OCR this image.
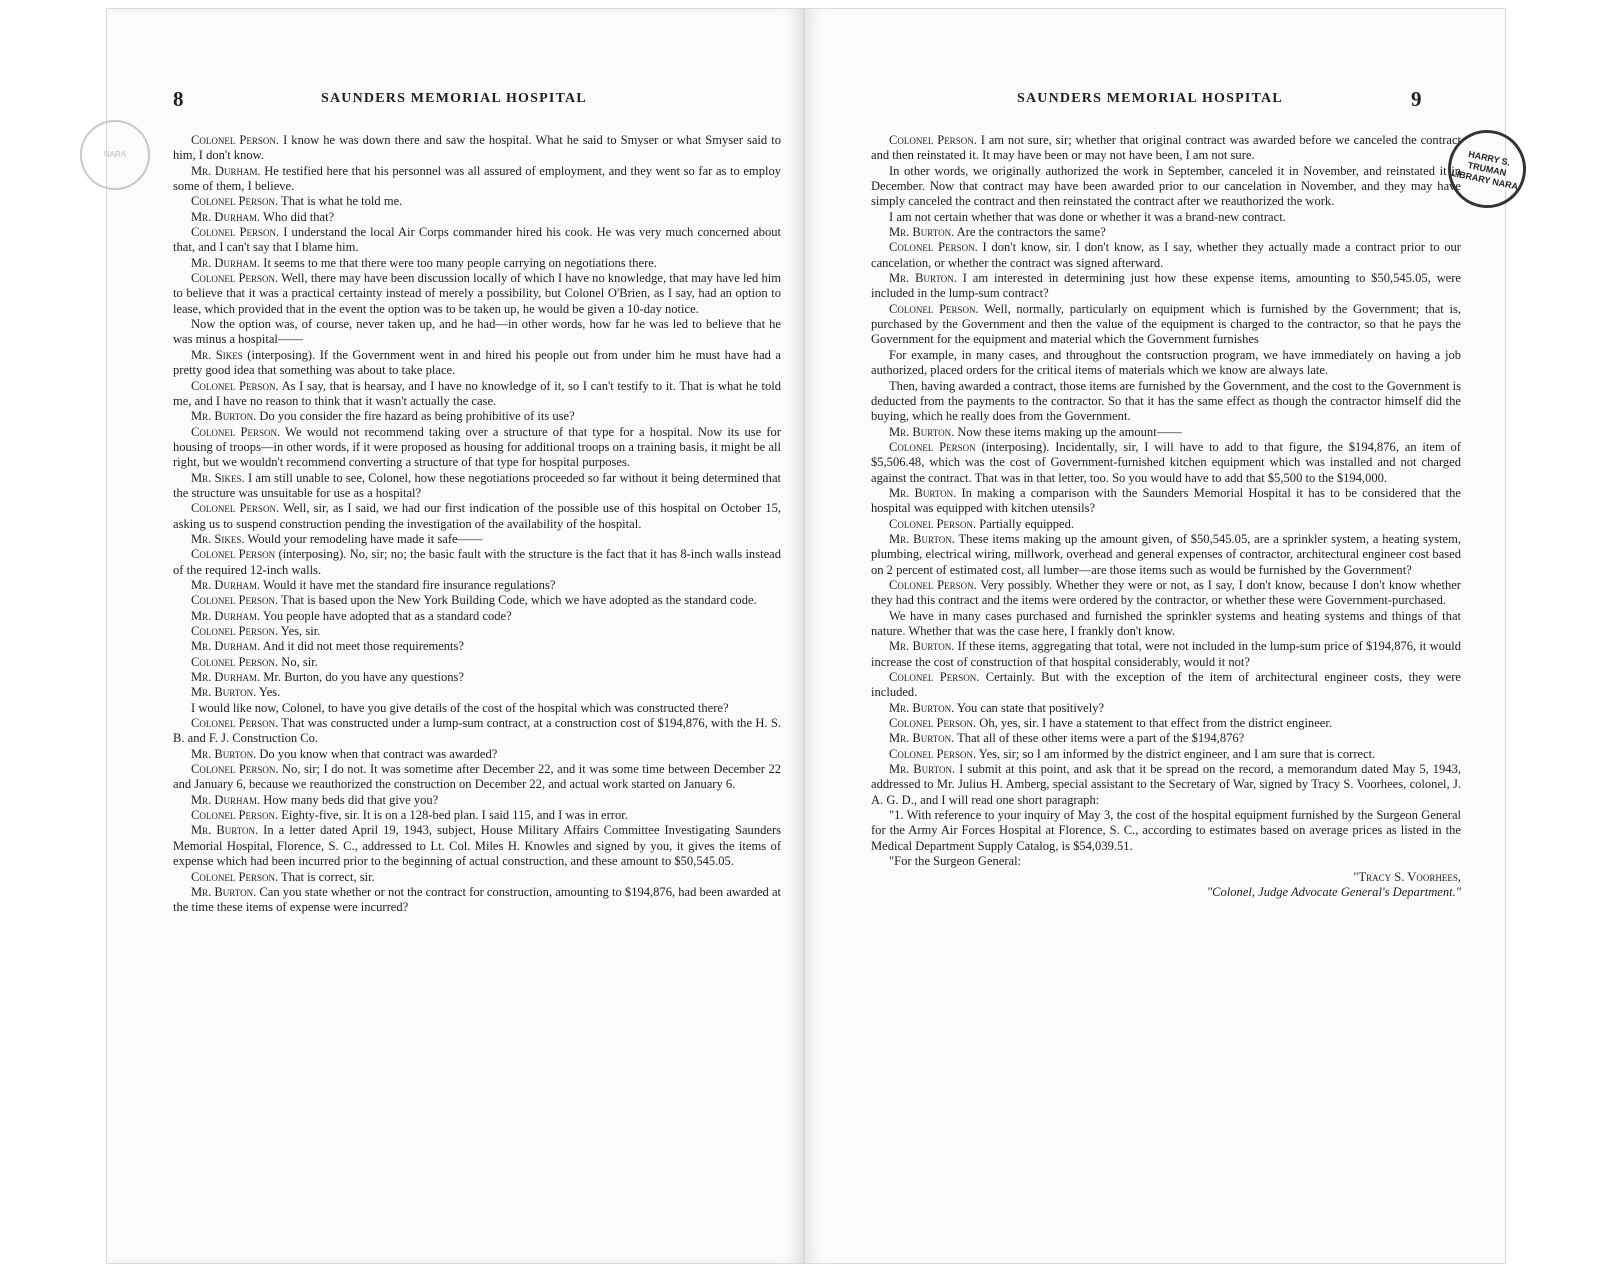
8	SAUNDERS MEMORIAL HOSPITAL

Colonel Person. I know he was down there and saw the hospital. What he said to Smyser or what Smyser said to him, I don't know.

Mr. Durham. He testified here that his personnel was all assured of employment, and they went so far as to employ some of them, I believe.

Colonel Person. That is what he told me.

Mr. Durham. Who did that?

Colonel Person. I understand the local Air Corps commander hired his cook. He was very much concerned about that, and I can't say that I blame him.

Mr. Durham. It seems to me that there were too many people carrying on negotiations there.

Colonel Person. Well, there may have been discussion locally of which I have no knowledge, that may have led him to believe that it was a practical certainty instead of merely a possibility, but Colonel O'Brien, as I say, had an option to lease, which provided that in the event the option was to be taken up, he would be given a 10-day notice.

Now the option was, of course, never taken up, and he had—in other words, how far he was led to believe that he was minus a hospital——

Mr. Sikes (interposing). If the Government went in and hired his people out from under him he must have had a pretty good idea that something was about to take place.

Colonel Person. As I say, that is hearsay, and I have no knowledge of it, so I can't testify to it. That is what he told me, and I have no reason to think that it wasn't actually the case.

Mr. Burton. Do you consider the fire hazard as being prohibitive of its use?

Colonel Person. We would not recommend taking over a structure of that type for a hospital. Now its use for housing of troops—in other words, if it were proposed as housing for additional troops on a training basis, it might be all right, but we wouldn't recommend converting a structure of that type for hospital purposes.

Mr. Sikes. I am still unable to see, Colonel, how these negotiations proceeded so far without it being determined that the structure was unsuitable for use as a hospital?

Colonel Person. Well, sir, as I said, we had our first indication of the possible use of this hospital on October 15, asking us to suspend construction pending the investigation of the availability of the hospital.

Mr. Sikes. Would your remodeling have made it safe——

Colonel Person (interposing). No, sir; no; the basic fault with the structure is the fact that it has 8-inch walls instead of the required 12-inch walls.

Mr. Durham. Would it have met the standard fire insurance regulations?

Colonel Person. That is based upon the New York Building Code, which we have adopted as the standard code.

Mr. Durham. You people have adopted that as a standard code?

Colonel Person. Yes, sir.

Mr. Durham. And it did not meet those requirements?

Colonel Person. No, sir.

Mr. Durham. Mr. Burton, do you have any questions?

Mr. Burton. Yes.

I would like now, Colonel, to have you give details of the cost of the hospital which was constructed there?

Colonel Person. That was constructed under a lump-sum contract, at a construction cost of $194,876, with the H. S. B. and F. J. Construction Co.

Mr. Burton. Do you know when that contract was awarded?

Colonel Person. No, sir; I do not. It was sometime after December 22, and it was some time between December 22 and January 6, because we reauthorized the construction on December 22, and actual work started on January 6.

Mr. Durham. How many beds did that give you?

Colonel Person. Eighty-five, sir. It is on a 128-bed plan. I said 115, and I was in error.

Mr. Burton. In a letter dated April 19, 1943, subject, House Military Affairs Committee Investigating Saunders Memorial Hospital, Florence, S. C., addressed to Lt. Col. Miles H. Knowles and signed by you, it gives the items of expense which had been incurred prior to the beginning of actual construction, and these amount to $50,545.05.

Colonel Person. That is correct, sir.

Mr. Burton. Can you state whether or not the contract for construction, amounting to $194,876, had been awarded at the time these items of expense were incurred?

SAUNDERS MEMORIAL HOSPITAL	9

Colonel Person. I am not sure, sir; whether that original contract was awarded before we canceled the contract and then reinstated it. It may have been or may not have been, I am not sure.

In other words, we originally authorized the work in September, canceled it in November, and reinstated it in December. Now that contract may have been awarded prior to our cancelation in November, and they may have simply canceled the contract and then reinstated the contract after we reauthorized the work.

I am not certain whether that was done or whether it was a brand-new contract.

Mr. Burton. Are the contractors the same?

Colonel Person. I don't know, sir. I don't know, as I say, whether they actually made a contract prior to our cancelation, or whether the contract was signed afterward.

Mr. Burton. I am interested in determining just how these expense items, amounting to $50,545.05, were included in the lump-sum contract?

Colonel Person. Well, normally, particularly on equipment which is furnished by the Government; that is, purchased by the Government and then the value of the equipment is charged to the contractor, so that he pays the Government for the equipment and material which the Government furnishes

For example, in many cases, and throughout the contsruction program, we have immediately on having a job authorized, placed orders for the critical items of materials which we know are always late.

Then, having awarded a contract, those items are furnished by the Government, and the cost to the Government is deducted from the payments to the contractor. So that it has the same effect as though the contractor himself did the buying, which he really does from the Government.

Mr. Burton. Now these items making up the amount——

Colonel Person (interposing). Incidentally, sir, I will have to add to that figure, the $194,876, an item of $5,506.48, which was the cost of Government-furnished kitchen equipment which was installed and not charged against the contract. That was in that letter, too. So you would have to add that $5,500 to the $194,000.

Mr. Burton. In making a comparison with the Saunders Memorial Hospital it has to be considered that the hospital was equipped with kitchen utensils?

Colonel Person. Partially equipped.

Mr. Burton. These items making up the amount given, of $50,545.05, are a sprinkler system, a heating system, plumbing, electrical wiring, millwork, overhead and general expenses of contractor, architectural engineer cost based on 2 percent of estimated cost, all lumber—are those items such as would be furnished by the Government?

Colonel Person. Very possibly. Whether they were or not, as I say, I don't know, because I don't know whether they had this contract and the items were ordered by the contractor, or whether these were Government-purchased.

We have in many cases purchased and furnished the sprinkler systems and heating systems and things of that nature. Whether that was the case here, I frankly don't know.

Mr. Burton. If these items, aggregating that total, were not included in the lump-sum price of $194,876, it would increase the cost of construction of that hospital considerably, would it not?

Colonel Person. Certainly. But with the exception of the item of architectural engineer costs, they were included.

Mr. Burton. You can state that positively?

Colonel Person. Oh, yes, sir. I have a statement to that effect from the district engineer.

Mr. Burton. That all of these other items were a part of the $194,876?

Colonel Person. Yes, sir; so I am informed by the district engineer, and I am sure that is correct.

Mr. Burton. I submit at this point, and ask that it be spread on the record, a memorandum dated May 5, 1943, addressed to Mr. Julius H. Amberg, special assistant to the Secretary of War, signed by Tracy S. Voorhees, colonel, J. A. G. D., and I will read one short paragraph:

"1. With reference to your inquiry of May 3, the cost of the hospital equipment furnished by the Surgeon General for the Army Air Forces Hospital at Florence, S. C., according to estimates based on average prices as listed in the Medical Department Supply Catalog, is $54,039.51.

"For the Surgeon General:

"Tracy S. Voorhees,

"Colonel, Judge Advocate General's Department."

NARA	HARRY S. TRUMAN LIBRARY NARA
